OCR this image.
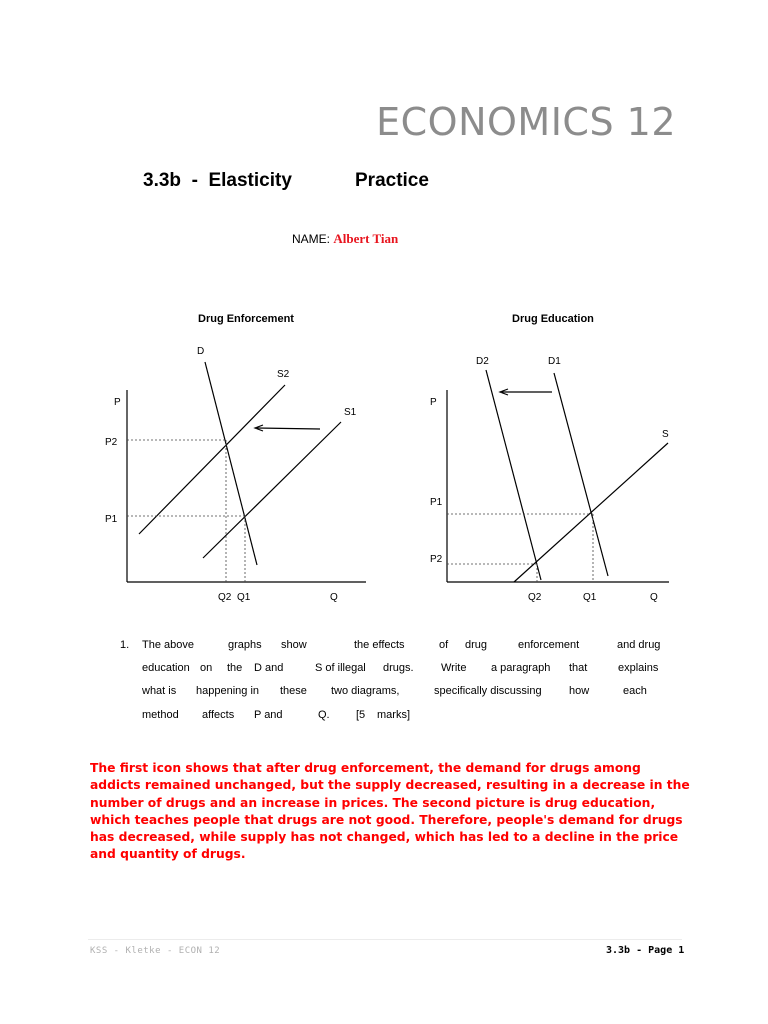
ECONOMICS 12
3.3b  -  Elasticity	Practice
NAME: Albert Tian
Drug Enforcement
D
S2
S1
P
P2
P1
Q2 Q1	Q
Drug Education
D2	D1
S
P
P1
P2
Q2	Q1	Q
1. The above	graphs show	the effects	of drug	enforcement	and drug
education on the D and	S of illegal drugs. Write a paragraph that	explains
what is happening in these two diagrams,	specifically discussing how	each
method affects P and	Q. [5 marks]
The first icon shows that after drug enforcement, the demand for drugs among addicts remained unchanged, but the supply decreased, resulting in a decrease in the number of drugs and an increase in prices. The second picture is drug education, which teaches people that drugs are not good. Therefore, people's demand for drugs has decreased, while supply has not changed, which has led to a decline in the price and quantity of drugs.
KSS - Kletke - ECON 12	3.3b - Page 1
